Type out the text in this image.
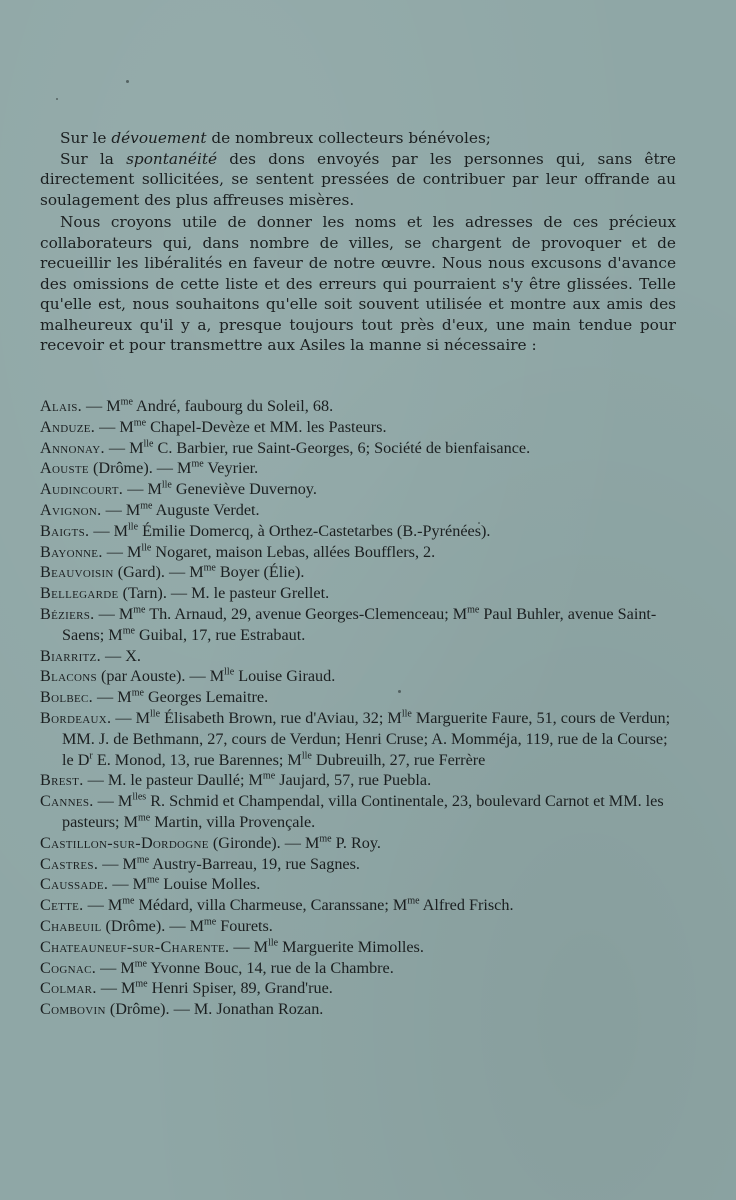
Sur le dévouement de nombreux collecteurs bénévoles;

Sur la spontanéité des dons envoyés par les personnes qui, sans être directement sollicitées, se sentent pressées de contribuer par leur offrande au soulagement des plus affreuses misères.

Nous croyons utile de donner les noms et les adresses de ces précieux collaborateurs qui, dans nombre de villes, se chargent de provoquer et de recueillir les libéralités en faveur de notre œuvre. Nous nous excusons d'avance des omissions de cette liste et des erreurs qui pourraient s'y être glissées. Telle qu'elle est, nous souhaitons qu'elle soit souvent utilisée et montre aux amis des malheureux qu'il y a, presque toujours tout près d'eux, une main tendue pour recevoir et pour transmettre aux Asiles la manne si nécessaire :

Alais. — $M^{me}$ André, faubourg du Soleil, 68.

Anduze. — $M^{me}$ Chapel-Devèze et MM. les Pasteurs.

Annonay. — $M^{lle}$ C. Barbier, rue Saint-Georges, 6; Société de bienfaisance.

Aouste (Drôme). — $M^{me}$ Veyrier.

Audincourt. — $M^{lle}$ Geneviève Duvernoy.

Avignon. — $M^{me}$ Auguste Verdet.

Baigts. — $M^{lle}$ Émilie Domercq, à Orthez-Castetarbes (B.-Pyrénées).

Bayonne. — $M^{lle}$ Nogaret, maison Lebas, allées Boufflers, 2.

Beauvoisin (Gard). — $M^{me}$ Boyer (Élie).

Bellegarde (Tarn). — M. le pasteur Grellet.

Béziers. — $M^{me}$ Th. Arnaud, 29, avenue Georges-Clemenceau; $M^{me}$ Paul Buhler, avenue Saint-Saens; $M^{me}$ Guibal, 17, rue Estrabaut.

Biarritz. — X.

Blacons (par Aouste). — $M^{lle}$ Louise Giraud.

Bolbec. — $M^{me}$ Georges Lemaitre.

Bordeaux. — $M^{lle}$ Élisabeth Brown, rue d'Aviau, 32; $M^{lle}$ Marguerite Faure, 51, cours de Verdun; MM. J. de Bethmann, 27, cours de Verdun; Henri Cruse; A. Momméja, 119, rue de la Course; le $D^r$ E. Monod, 13, rue Barennes; $M^{lle}$ Dubreuilh, 27, rue Ferrère

Brest. — M. le pasteur Daullé; $M^{me}$ Jaujard, 57, rue Puebla.

Cannes. — $M^{lles}$ R. Schmid et Champendal, villa Continentale, 23, boulevard Carnot et MM. les pasteurs; $M^{me}$ Martin, villa Provençale.

Castillon-sur-Dordogne (Gironde). — $M^{me}$ P. Roy.

Castres. — $M^{me}$ Austry-Barreau, 19, rue Sagnes.

Caussade. — $M^{me}$ Louise Molles.

Cette. — $M^{me}$ Médard, villa Charmeuse, Caranssane; $M^{me}$ Alfred Frisch.

Chabeuil (Drôme). — $M^{me}$ Fourets.

Chateauneuf-sur-Charente. — $M^{lle}$ Marguerite Mimolles.

Cognac. — $M^{me}$ Yvonne Bouc, 14, rue de la Chambre.

Colmar. — $M^{me}$ Henri Spiser, 89, Grand'rue.

Combovin (Drôme). — M. Jonathan Rozan.
